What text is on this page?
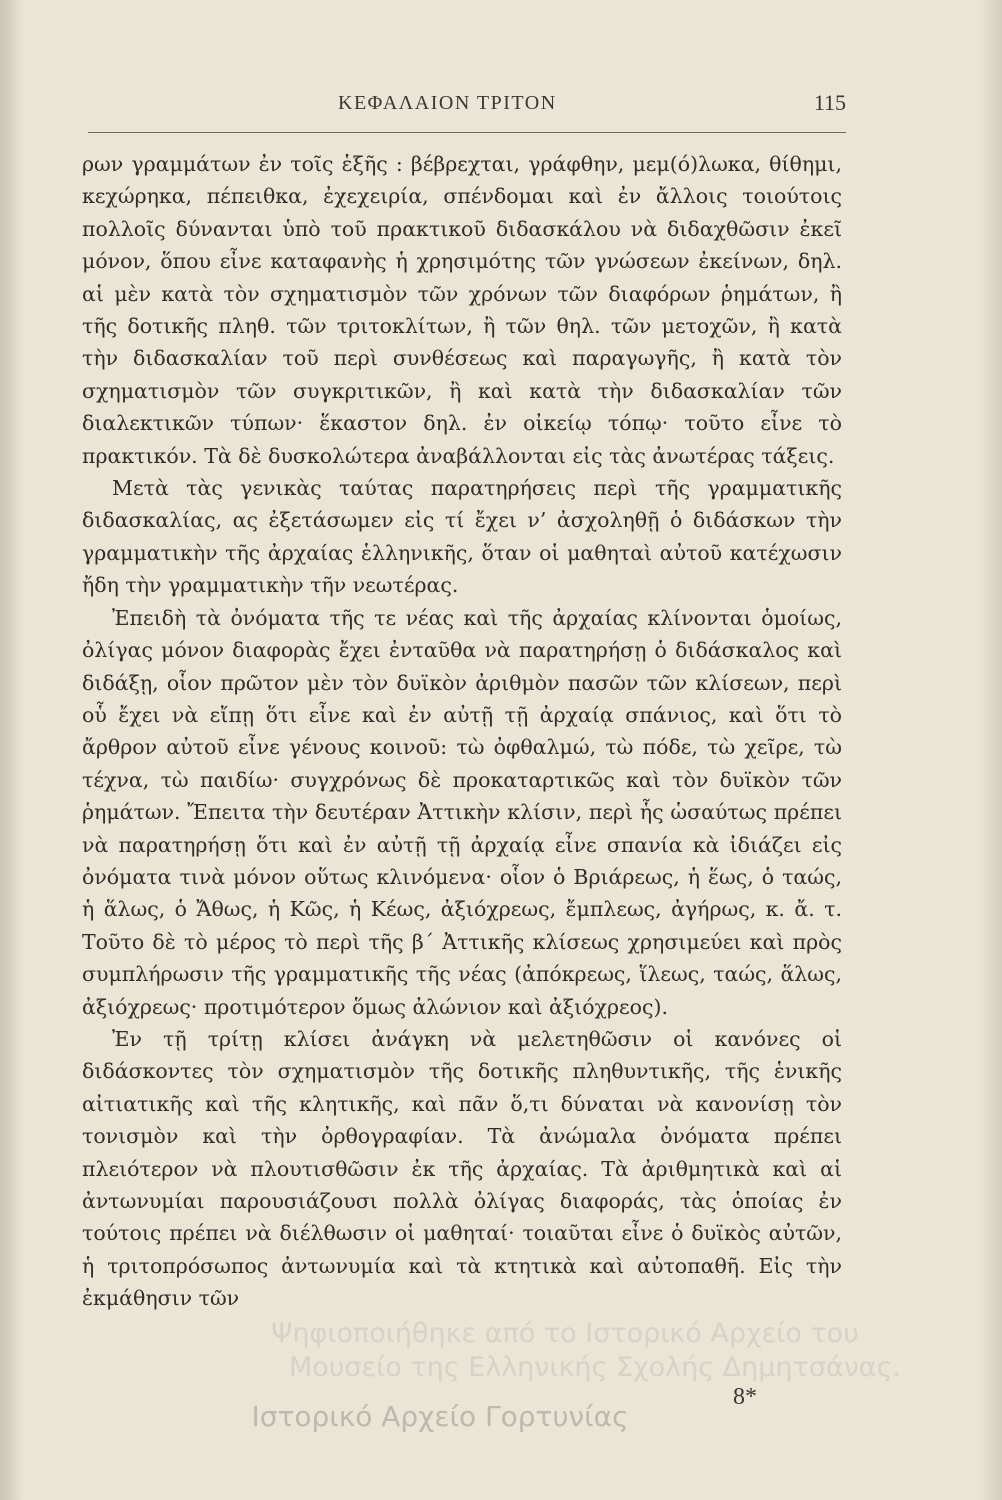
ΚΕΦΑΛΑΙΟΝ ΤΡΙΤΟΝ	115

ρων γραμμάτων ἐν τοῖς ἑξῆς : βέβρεχται, γράφθην, μεμ(ό)λωκα, θίθημι, κεχώρηκα, πέπειθκα, ἐχεχειρία, σπένδομαι καὶ ἐν ἄλλοις τοιούτοις πολλοῖς δύνανται ὑπὸ τοῦ πρακτικοῦ διδασκάλου νὰ διδαχθῶσιν ἐκεῖ μόνον, ὅπου εἶνε καταφανὴς ἡ χρησιμότης τῶν γνώσεων ἐκείνων, δηλ. αἱ μὲν κατὰ τὸν σχηματισμὸν τῶν χρόνων τῶν διαφόρων ῥημάτων, ἢ τῆς δοτικῆς πληθ. τῶν τριτοκλίτων, ἢ τῶν θηλ. τῶν μετοχῶν, ἢ κατὰ τὴν διδασκαλίαν τοῦ περὶ συνθέσεως καὶ παραγωγῆς, ἢ κατὰ τὸν σχηματισμὸν τῶν συγκριτικῶν, ἢ καὶ κατὰ τὴν διδασκαλίαν τῶν διαλεκτικῶν τύπων· ἕκαστον δηλ. ἐν οἰκείῳ τόπῳ· τοῦτο εἶνε τὸ πρακτικόν. Τὰ δὲ δυσκολώτερα ἀναβάλλονται εἰς τὰς ἀνωτέρας τάξεις.

Μετὰ τὰς γενικὰς ταύτας παρατηρήσεις περὶ τῆς γραμματικῆς διδασκαλίας, ας ἐξετάσωμεν εἰς τί ἔχει ν’ ἀσχοληθῇ ὁ διδάσκων τὴν γραμματικὴν τῆς ἀρχαίας ἑλληνικῆς, ὅταν οἱ μαθηταὶ αὐτοῦ κατέχωσιν ἤδη τὴν γραμματικὴν τῆν νεωτέρας.

Ἐπειδὴ τὰ ὀνόματα τῆς τε νέας καὶ τῆς ἀρχαίας κλίνονται ὁμοίως, ὀλίγας μόνον διαφορὰς ἔχει ἐνταῦθα νὰ παρατηρήσῃ ὁ διδάσκαλος καὶ διδάξῃ, οἷον πρῶτον μὲν τὸν δυϊκὸν ἀριθμὸν πασῶν τῶν κλίσεων, περὶ οὗ ἔχει νὰ εἴπῃ ὅτι εἶνε καὶ ἐν αὐτῇ τῇ ἀρχαίᾳ σπάνιος, καὶ ὅτι τὸ ἄρθρον αὐτοῦ εἶνε γένους κοινοῦ: τὼ ὀφθαλμώ, τὼ πόδε, τὼ χεῖρε, τὼ τέχνα, τὼ παιδίω· συγχρόνως δὲ προκαταρτικῶς καὶ τὸν δυϊκὸν τῶν ῥημάτων. Ἔπειτα τὴν δευτέραν Ἀττικὴν κλίσιν, περὶ ἧς ὡσαύτως πρέπει νὰ παρατηρήσῃ ὅτι καὶ ἐν αὐτῇ τῇ ἀρχαίᾳ εἶνε σπανία κὰ ἰδιάζει εἰς ὀνόματα τινὰ μόνον οὕτως κλινόμενα· οἷον ὁ Βριάρεως, ἡ ἕως, ὁ ταώς, ἡ ἅλως, ὁ Ἄθως, ἡ Κῶς, ἡ Κέως, ἀξιόχρεως, ἔμπλεως, ἀγήρως, κ. ἄ. τ. Τοῦτο δὲ τὸ μέρος τὸ περὶ τῆς β΄ Ἀττικῆς κλίσεως χρησιμεύει καὶ πρὸς συμπλήρωσιν τῆς γραμματικῆς τῆς νέας (ἀπόκρεως, ἵλεως, ταώς, ἅλως, ἀξιόχρεως· προτιμότερον ὅμως ἀλώνιον καὶ ἀξιόχρεος).

Ἐν τῇ τρίτῃ κλίσει ἀνάγκη νὰ μελετηθῶσιν οἱ κανόνες οἱ διδάσκοντες τὸν σχηματισμὸν τῆς δοτικῆς πληθυντικῆς, τῆς ἑνικῆς αἰτιατικῆς καὶ τῆς κλητικῆς, καὶ πᾶν ὅ,τι δύναται νὰ κανονίσῃ τὸν τονισμὸν καὶ τὴν ὀρθογραφίαν. Τὰ ἀνώμαλα ὀνόματα πρέπει πλειότερον νὰ πλουτισθῶσιν ἐκ τῆς ἀρχαίας. Τὰ ἀριθμητικὰ καὶ αἱ ἀντωνυμίαι παρουσιάζουσι πολλὰ ὀλίγας διαφοράς, τὰς ὁποίας ἐν τούτοις πρέπει νὰ διέλθωσιν οἱ μαθηταί· τοιαῦται εἶνε ὁ δυϊκὸς αὐτῶν, ἡ τριτοπρόσωπος ἀντωνυμία καὶ τὰ κτητικὰ καὶ αὐτοπαθῆ. Εἰς τὴν ἐκμάθησιν τῶν

Ψηφιοποιήθηκε από το Ιστορικό Αρχείο του
Μουσείο της Ελληνικής Σχολής Δημητσάνας.
Ιστορικό Αρχείο Γορτυνίας
8*
